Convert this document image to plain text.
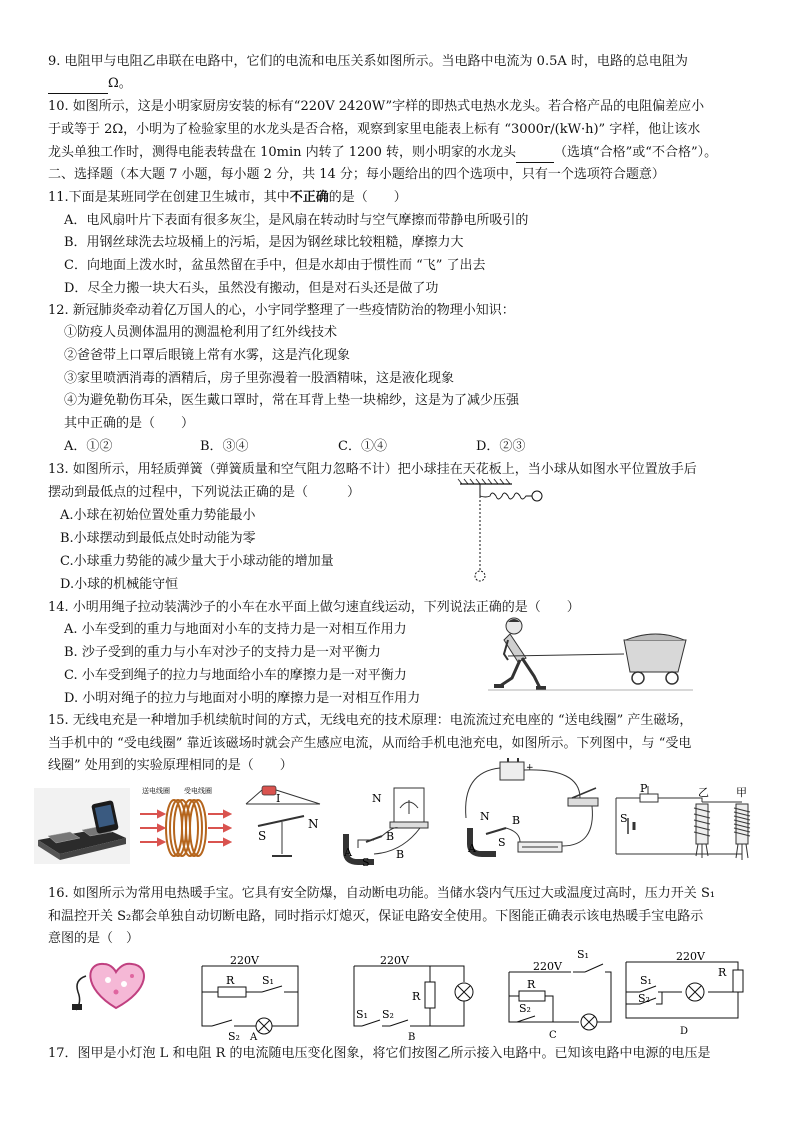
9. 电阻甲与电阻乙串联在电路中，它们的电流和电压关系如图所示。当电路中电流为 0.5A 时，电路的总电阻为
Ω。
10. 如图所示，这是小明家厨房安装的标有“220V 2420W”字样的即热式电热水龙头。若合格产品的电阻偏差应小
于或等于 2Ω，小明为了检验家里的水龙头是否合格，观察到家里电能表上标有 “3000r/(kW·h)” 字样，他让该水
龙头单独工作时，测得电能表转盘在 10min 内转了 1200 转，则小明家的水龙头	（选填“合格”或“不合格”）。
二、选择题（本大题 7 小题，每小题 2 分，共 14 分；每小题给出的四个选项中，只有一个选项符合题意）
11.下面是某班同学在创建卫生城市，其中不正确的是（　　）
A．电风扇叶片下表面有很多灰尘，是风扇在转动时与空气摩擦而带静电所吸引的
B．用钢丝球洗去垃圾桶上的污垢，是因为钢丝球比较粗糙，摩擦力大
C．向地面上泼水时，盆虽然留在手中，但是水却由于惯性而 “飞” 了出去
D．尽全力搬一块大石头，虽然没有搬动，但是对石头还是做了功
12. 新冠肺炎牵动着亿万国人的心，小宇同学整理了一些疫情防治的物理小知识：
①防疫人员测体温用的测温枪利用了红外线技术
②爸爸带上口罩后眼镜上常有水雾，这是汽化现象
③家里喷洒消毒的酒精后，房子里弥漫着一股酒精味，这是液化现象
④为避免勒伤耳朵，医生戴口罩时，常在耳背上垫一块棉纱，这是为了减少压强
其中正确的是（　　）
A．①②	B．③④	C．①④	D．②③
13. 如图所示，用轻质弹簧（弹簧质量和空气阻力忽略不计）把小球挂在天花板上，当小球从如图水平位置放手后
摆动到最低点的过程中，下列说法正确的是（　　　）
A.小球在初始位置处重力势能最小
B.小球摆动到最低点处时动能为零
C.小球重力势能的减少量大于小球动能的增加量
D.小球的机械能守恒
14. 小明用绳子拉动装满沙子的小车在水平面上做匀速直线运动，下列说法正确的是（　　）
A. 小车受到的重力与地面对小车的支持力是一对相互作用力
B. 沙子受到的重力与小车对沙子的支持力是一对平衡力
C. 小车受到绳子的拉力与地面给小车的摩擦力是一对平衡力
D. 小明对绳子的拉力与地面对小明的摩擦力是一对相互作用力
15. 无线电充是一种增加手机续航时间的方式，无线电充的技术原理：电流流过充电座的 “送电线圈” 产生磁场，
当手机中的 “受电线圈” 靠近该磁场时就会产生感应电流，从而给手机电池充电，如图所示。下列图中，与 “受电
线圈” 处用到的实验原理相同的是（　　）
送电线圈 受电线圈
I
S
N
N
B
A
S
B
+
N B
A S
P
S
乙 甲
16. 如图所示为常用电热暖手宝。它具有安全防爆，自动断电功能。当储水袋内气压过大或温度过高时，压力开关 S₁
和温控开关 S₂都会单独自动切断电路，同时指示灯熄灭，保证电路安全使用。下图能正确表示该电热暖手宝电路示
意图的是（　）
220V
R	S₁
S₂ A
220V
R
S₁ S₂
B
220V
S₁
R
S₂
C
220V
R
S₁
S₂
D
17．图甲是小灯泡 L 和电阻 R 的电流随电压变化图象，将它们按图乙所示接入电路中。已知该电路中电源的电压是
